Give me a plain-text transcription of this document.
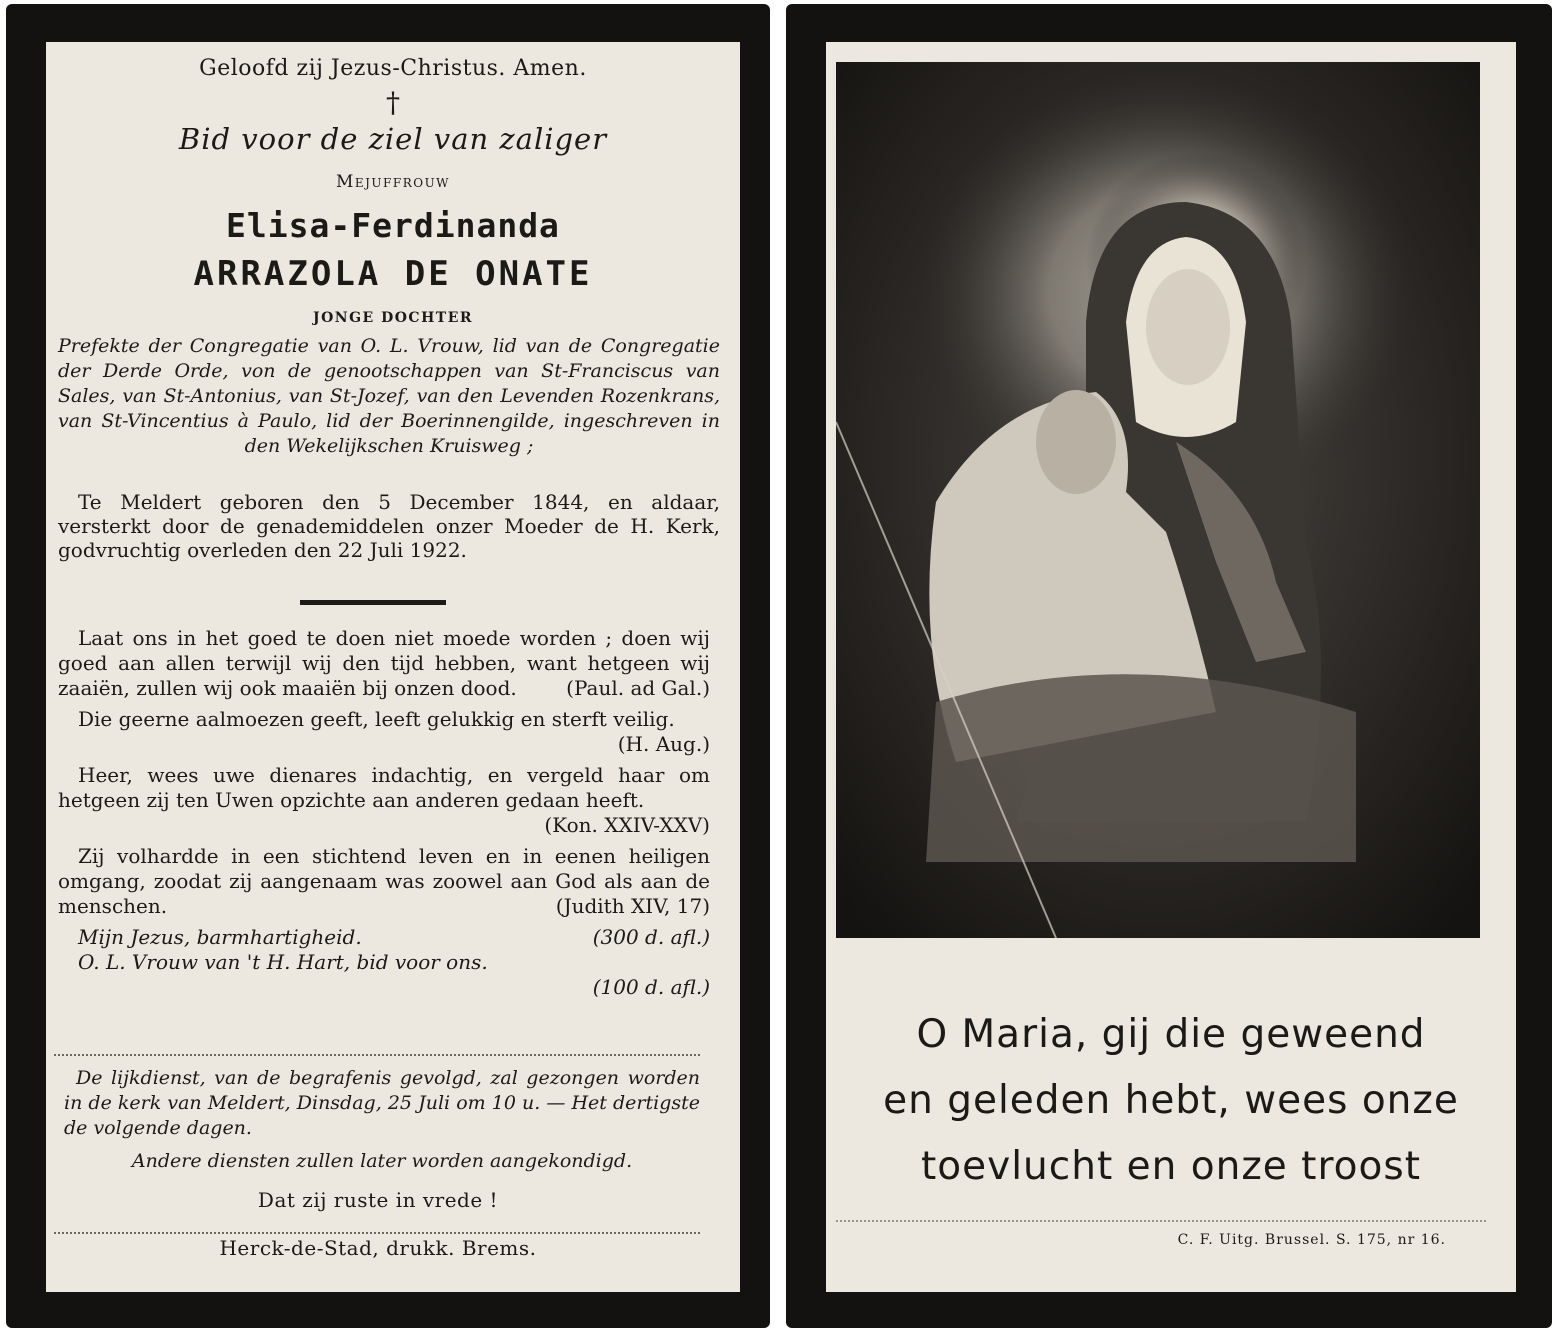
Geloofd zij Jezus-Christus. Amen.
†
Bid voor de ziel van zaliger
Mejuffrouw
Elisa-Ferdinanda
ARRAZOLA DE ONATE
JONGE DOCHTER
Prefekte der Congregatie van O. L. Vrouw, lid van de Congregatie der Derde Orde, von de genootschappen van St-Franciscus van Sales, van St-Antonius, van St-Jozef, van den Levenden Rozenkrans, van St-Vincentius à Paulo, lid der Boerinnengilde, ingeschreven in den Wekelijkschen Kruisweg ;
Te Meldert geboren den 5 December 1844, en aldaar, versterkt door de genademiddelen onzer Moeder de H. Kerk, godvruchtig overleden den 22 Juli 1922.
Laat ons in het goed te doen niet moede worden ; doen wij goed aan allen terwijl wij den tijd hebben, want hetgeen wij zaaiën, zullen wij ook maaiën bij onzen dood. (Paul. ad Gal.)
Die geerne aalmoezen geeft, leeft gelukkig en sterft veilig.
(H. Aug.)
Heer, wees uwe dienares indachtig, en vergeld haar om hetgeen zij ten Uwen opzichte aan anderen gedaan heeft.
(Kon. XXIV-XXV)
Zij volhardde in een stichtend leven en in eenen heiligen omgang, zoodat zij aangenaam was zoowel aan God als aan de menschen.	(Judith XIV, 17)
Mijn Jezus, barmhartigheid.	(300 d. afl.)
O. L. Vrouw van 't H. Hart, bid voor ons.
(100 d. afl.)
De lijkdienst, van de begrafenis gevolgd, zal gezongen worden in de kerk van Meldert, Dinsdag, 25 Juli om 10 u. — Het dertigste de volgende dagen.
Andere diensten zullen later worden aangekondigd.
Dat zij ruste in vrede !
Herck-de-Stad, drukk. Brems.
O Maria, gij die geweend
en geleden hebt, wees onze
toevlucht en onze troost
C. F. Uitg. Brussel. S. 175, nr 16.
